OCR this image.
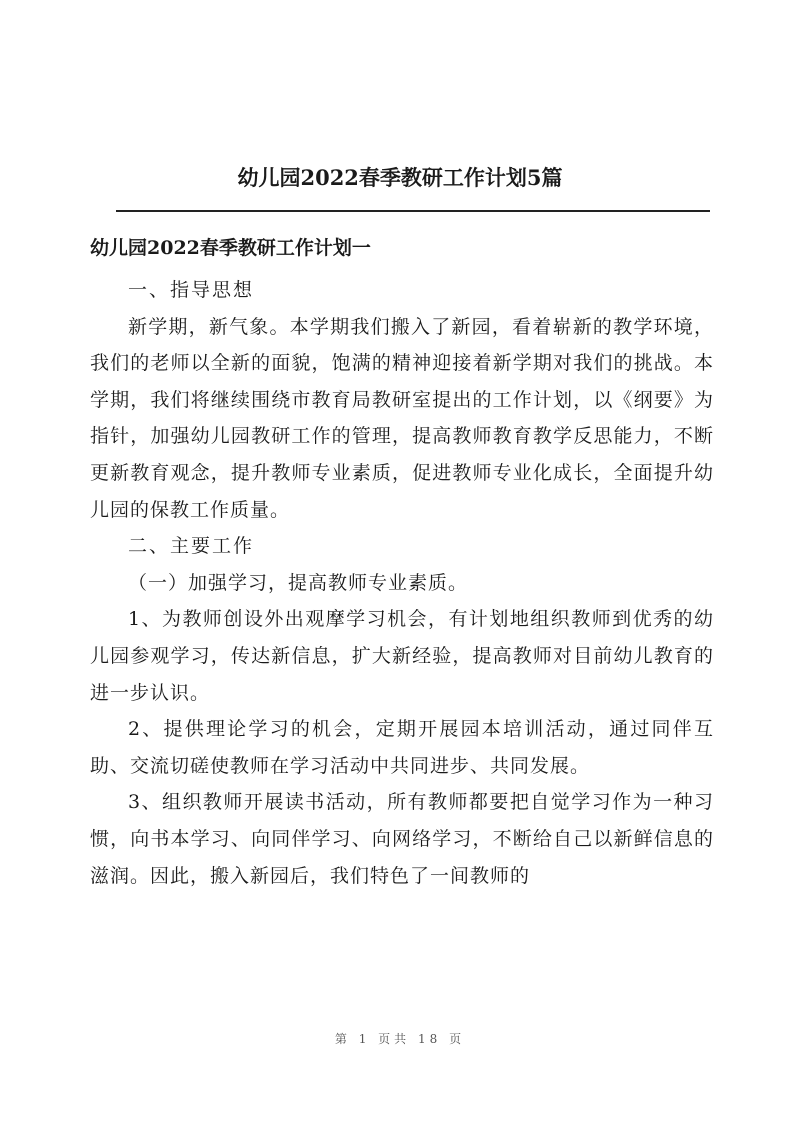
幼儿园2022春季教研工作计划5篇
幼儿园2022春季教研工作计划一

一、指导思想

新学期，新气象。本学期我们搬入了新园，看着崭新的教学环境，我们的老师以全新的面貌，饱满的精神迎接着新学期对我们的挑战。本学期，我们将继续围绕市教育局教研室提出的工作计划，以《纲要》为指针，加强幼儿园教研工作的管理，提高教师教育教学反思能力，不断更新教育观念，提升教师专业素质，促进教师专业化成长，全面提升幼儿园的保教工作质量。

二、主要工作

（一）加强学习，提高教师专业素质。

1、为教师创设外出观摩学习机会，有计划地组织教师到优秀的幼儿园参观学习，传达新信息，扩大新经验，提高教师对目前幼儿教育的进一步认识。

2、提供理论学习的机会，定期开展园本培训活动，通过同伴互助、交流切磋使教师在学习活动中共同进步、共同发展。

3、组织教师开展读书活动，所有教师都要把自觉学习作为一种习惯，向书本学习、向同伴学习、向网络学习，不断给自己以新鲜信息的滋润。因此，搬入新园后，我们特色了一间教师的

第 1 页共 18 页
